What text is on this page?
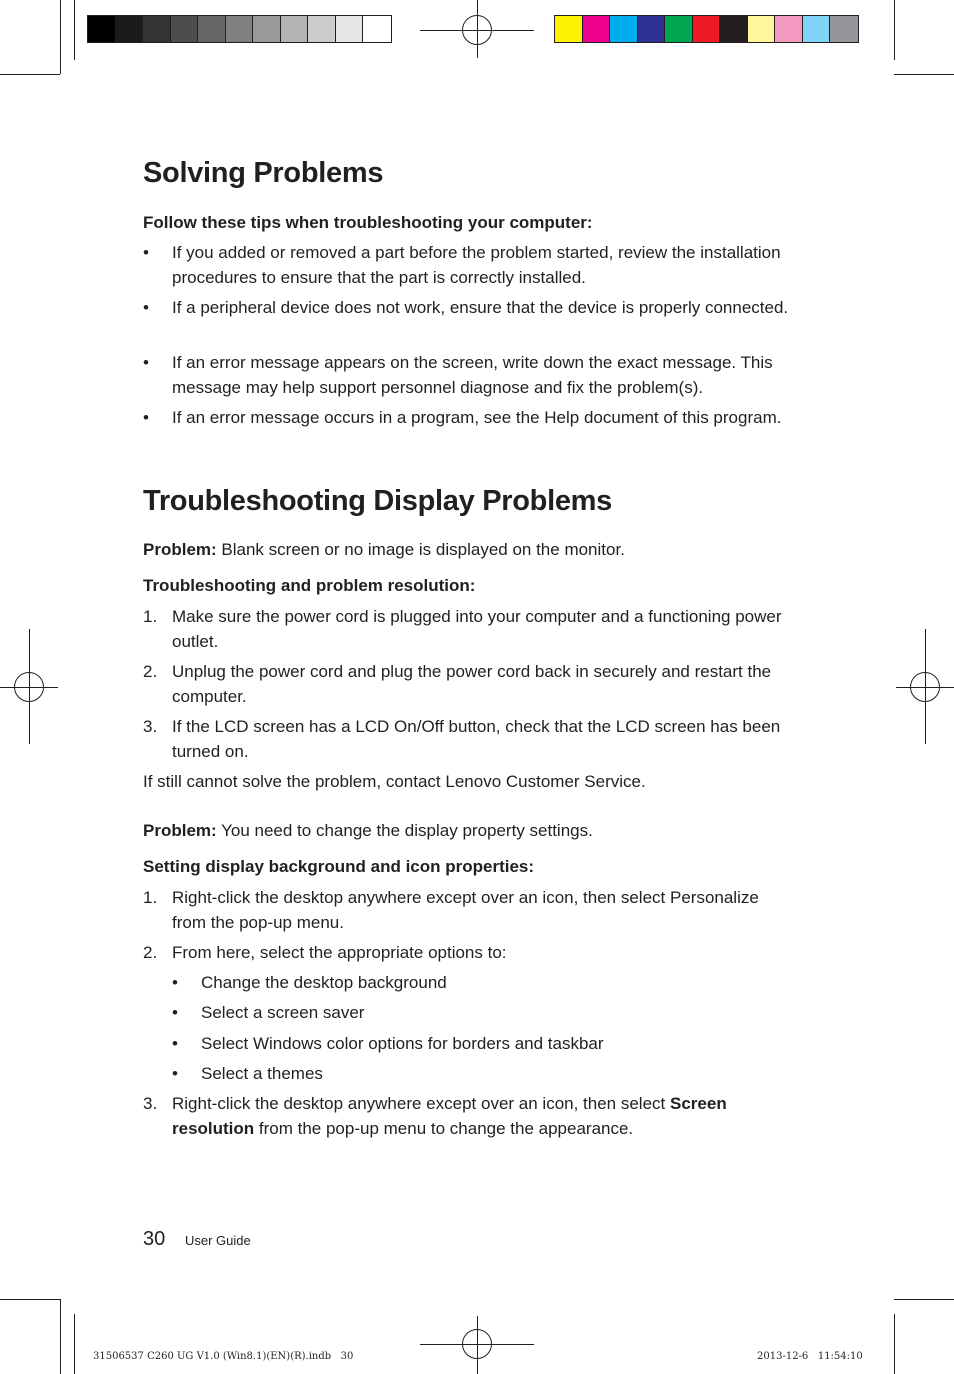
Solving Problems
Follow these tips when troubleshooting your computer:
• If you added or removed a part before the problem started, review the installation procedures to ensure that the part is correctly installed.
• If a peripheral device does not work, ensure that the device is properly connected.
• If an error message appears on the screen, write down the exact message. This message may help support personnel diagnose and fix the problem(s).
• If an error message occurs in a program, see the Help document of this program.
Troubleshooting Display Problems
Problem: Blank screen or no image is displayed on the monitor.
Troubleshooting and problem resolution:
1. Make sure the power cord is plugged into your computer and a functioning power outlet.
2. Unplug the power cord and plug the power cord back in securely and restart the computer.
3. If the LCD screen has a LCD On/Off button, check that the LCD screen has been turned on.
If still cannot solve the problem, contact Lenovo Customer Service.
Problem: You need to change the display property settings.
Setting display background and icon properties:
1. Right-click the desktop anywhere except over an icon, then select Personalize from the pop-up menu.
2. From here, select the appropriate options to:
• Change the desktop background
• Select a screen saver
• Select Windows color options for borders and taskbar
• Select a themes
3. Right-click the desktop anywhere except over an icon, then select Screen resolution from the pop-up menu to change the appearance.
30 User Guide
31506537 C260 UG V1.0 (Win8.1)(EN)(R).indb   30	2013-12-6   11:54:10
